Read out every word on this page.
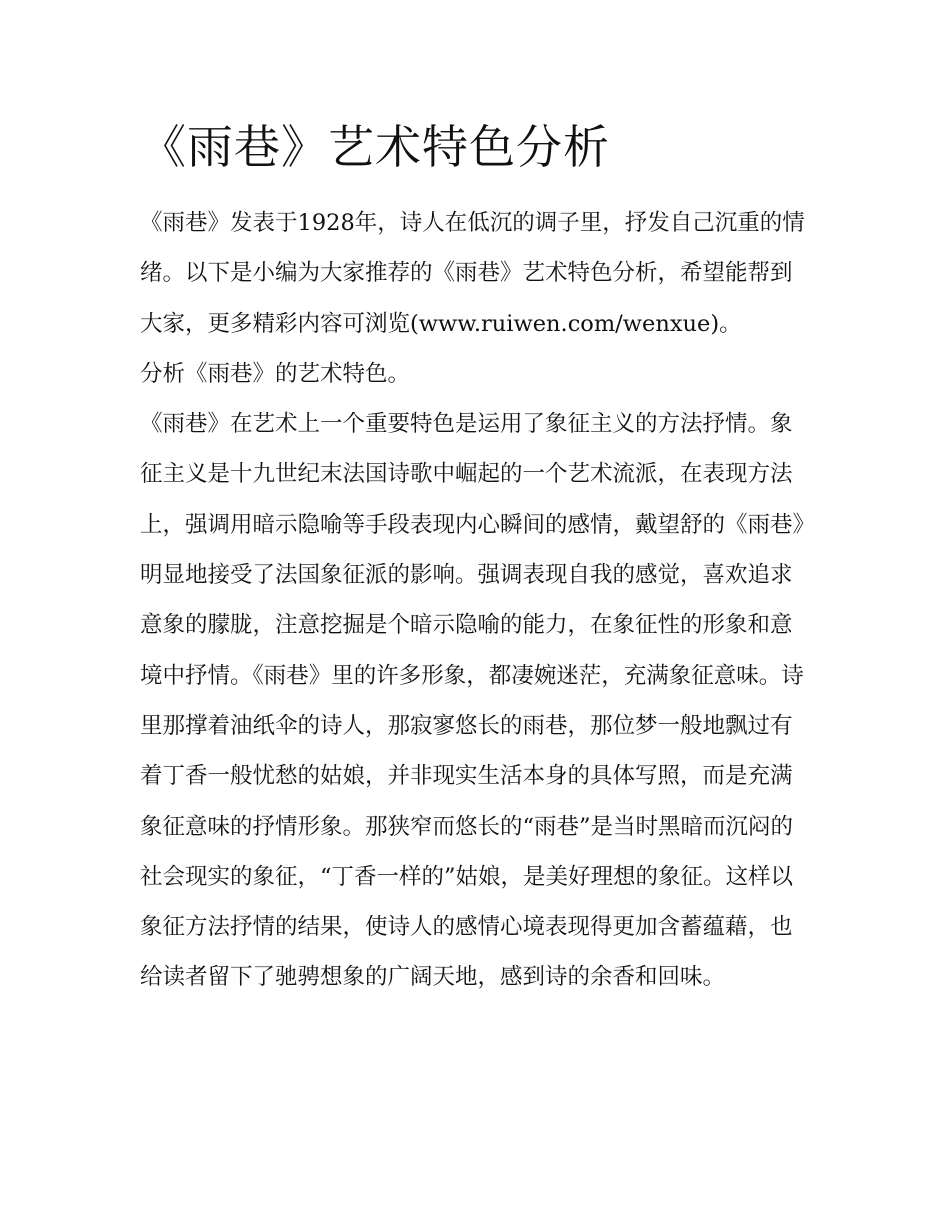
《雨巷》艺术特色分析

《雨巷》发表于1928年，诗人在低沉的调子里，抒发自己沉重的情绪。以下是小编为大家推荐的《雨巷》艺术特色分析，希望能帮到大家，更多精彩内容可浏览(www.ruiwen.com/wenxue)。

分析《雨巷》的艺术特色。

《雨巷》在艺术上一个重要特色是运用了象征主义的方法抒情。象征主义是十九世纪末法国诗歌中崛起的一个艺术流派，在表现方法上，强调用暗示隐喻等手段表现内心瞬间的感情，戴望舒的《雨巷》明显地接受了法国象征派的影响。强调表现自我的感觉，喜欢追求意象的朦胧，注意挖掘是个暗示隐喻的能力，在象征性的形象和意境中抒情。《雨巷》里的许多形象，都凄婉迷茫，充满象征意味。诗里那撑着油纸伞的诗人，那寂寥悠长的雨巷，那位梦一般地飘过有着丁香一般忧愁的姑娘，并非现实生活本身的具体写照，而是充满象征意味的抒情形象。那狭窄而悠长的“雨巷”是当时黑暗而沉闷的社会现实的象征，“丁香一样的”姑娘，是美好理想的象征。这样以象征方法抒情的结果，使诗人的感情心境表现得更加含蓄蕴藉，也给读者留下了驰骋想象的广阔天地，感到诗的余香和回味。
